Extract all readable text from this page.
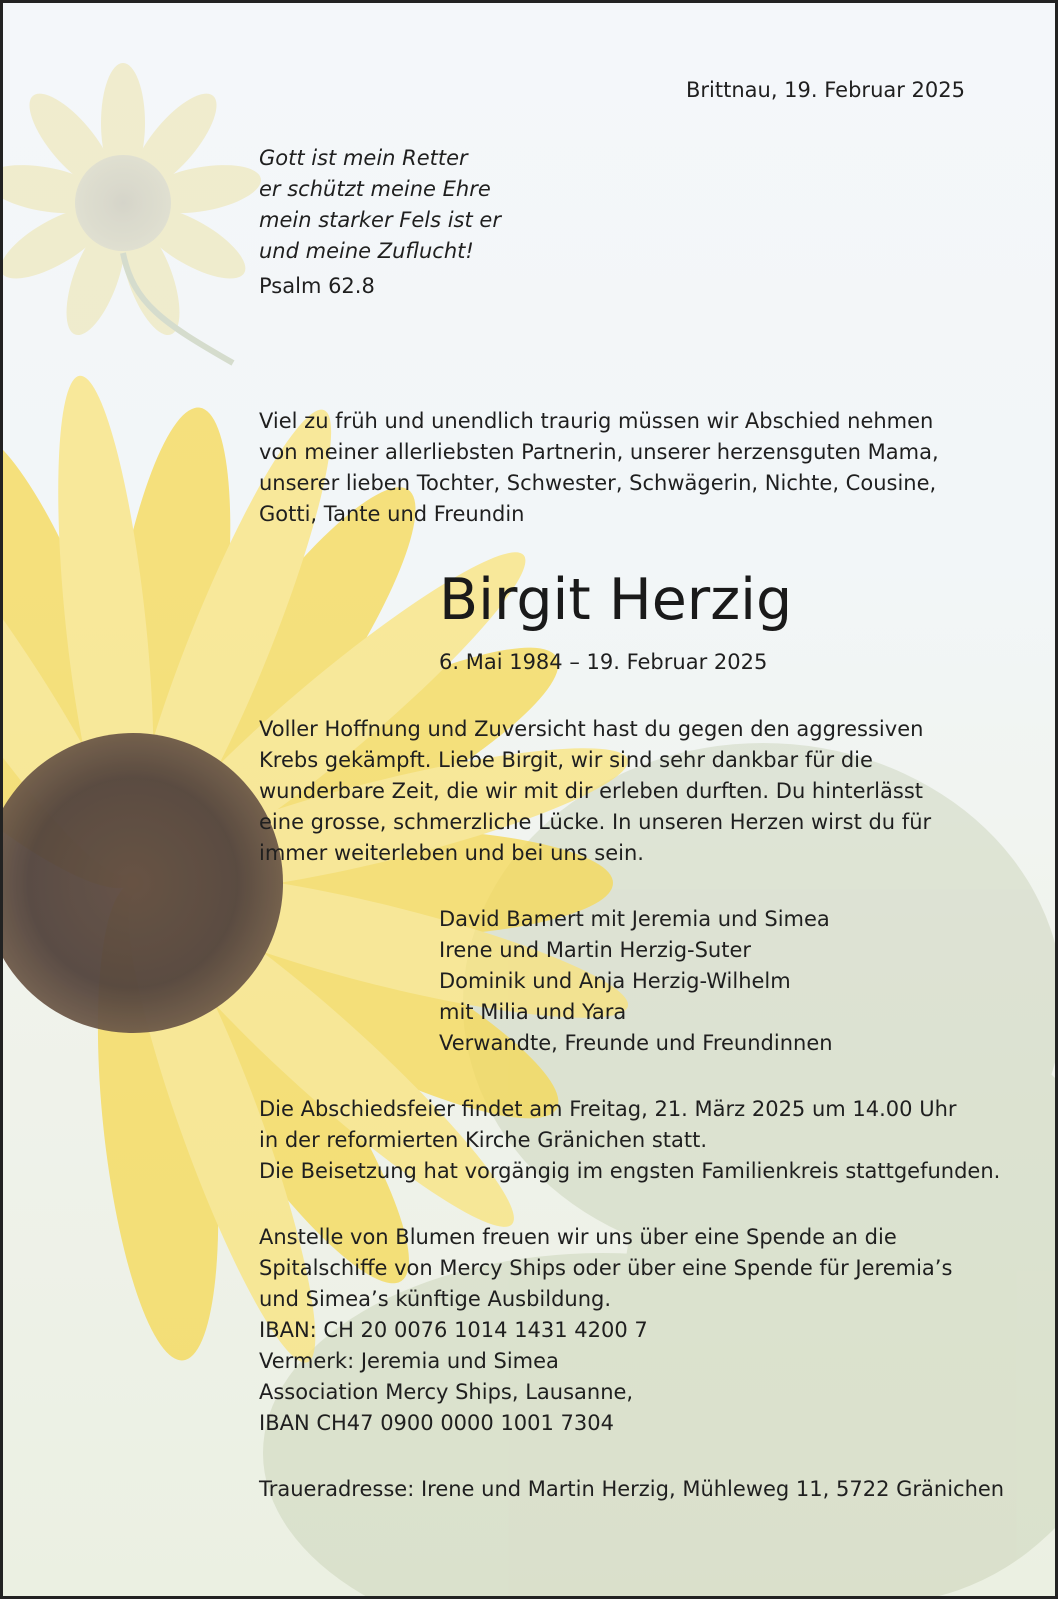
Brittnau, 19. Februar 2025
Gott ist mein Retter
er schützt meine Ehre
mein starker Fels ist er
und meine Zuflucht!
Psalm 62.8
Viel zu früh und unendlich traurig müssen wir Abschied nehmen
von meiner allerliebsten Partnerin, unserer herzensguten Mama,
unserer lieben Tochter, Schwester, Schwägerin, Nichte, Cousine,
Gotti, Tante und Freundin
Birgit Herzig
6. Mai 1984 – 19. Februar 2025
Voller Hoffnung und Zuversicht hast du gegen den aggressiven
Krebs gekämpft. Liebe Birgit, wir sind sehr dankbar für die
wunderbare Zeit, die wir mit dir erleben durften. Du hinterlässt
eine grosse, schmerzliche Lücke. In unseren Herzen wirst du für
immer weiterleben und bei uns sein.
David Bamert mit Jeremia und Simea
Irene und Martin Herzig-Suter
Dominik und Anja Herzig-Wilhelm
mit Milia und Yara
Verwandte, Freunde und Freundinnen
Die Abschiedsfeier findet am Freitag, 21. März 2025 um 14.00 Uhr
in der reformierten Kirche Gränichen statt.
Die Beisetzung hat vorgängig im engsten Familienkreis stattgefunden.
Anstelle von Blumen freuen wir uns über eine Spende an die
Spitalschiffe von Mercy Ships oder über eine Spende für Jeremia’s
und Simea’s künftige Ausbildung.
IBAN: CH 20 0076 1014 1431 4200 7
Vermerk: Jeremia und Simea
Association Mercy Ships, Lausanne,
IBAN CH47 0900 0000 1001 7304
Traueradresse: Irene und Martin Herzig, Mühleweg 11, 5722 Gränichen
